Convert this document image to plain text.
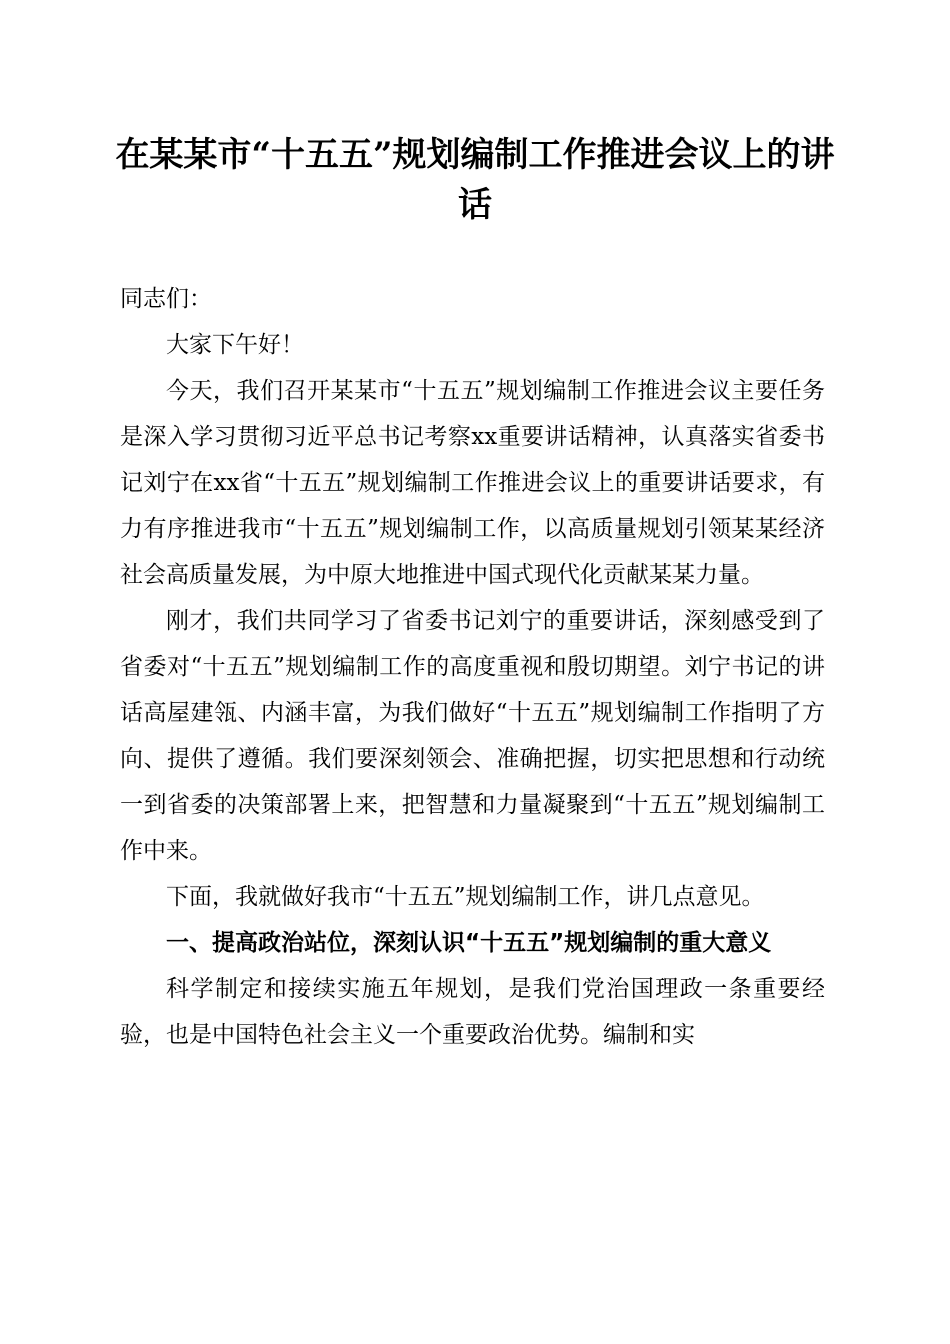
在某某市“十五五”规划编制工作推进会议上的讲话

同志们：

大家下午好！

今天，我们召开某某市“十五五”规划编制工作推进会议主要任务是深入学习贯彻习近平总书记考察xx重要讲话精神，认真落实省委书记刘宁在xx省“十五五”规划编制工作推进会议上的重要讲话要求，有力有序推进我市“十五五”规划编制工作，以高质量规划引领某某经济社会高质量发展，为中原大地推进中国式现代化贡献某某力量。

刚才，我们共同学习了省委书记刘宁的重要讲话，深刻感受到了省委对“十五五”规划编制工作的高度重视和殷切期望。刘宁书记的讲话高屋建瓴、内涵丰富，为我们做好“十五五”规划编制工作指明了方向、提供了遵循。我们要深刻领会、准确把握，切实把思想和行动统一到省委的决策部署上来，把智慧和力量凝聚到“十五五”规划编制工作中来。

下面，我就做好我市“十五五”规划编制工作，讲几点意见。

一、提高政治站位，深刻认识“十五五”规划编制的重大意义

科学制定和接续实施五年规划，是我们党治国理政一条重要经验，也是中国特色社会主义一个重要政治优势。编制和实
